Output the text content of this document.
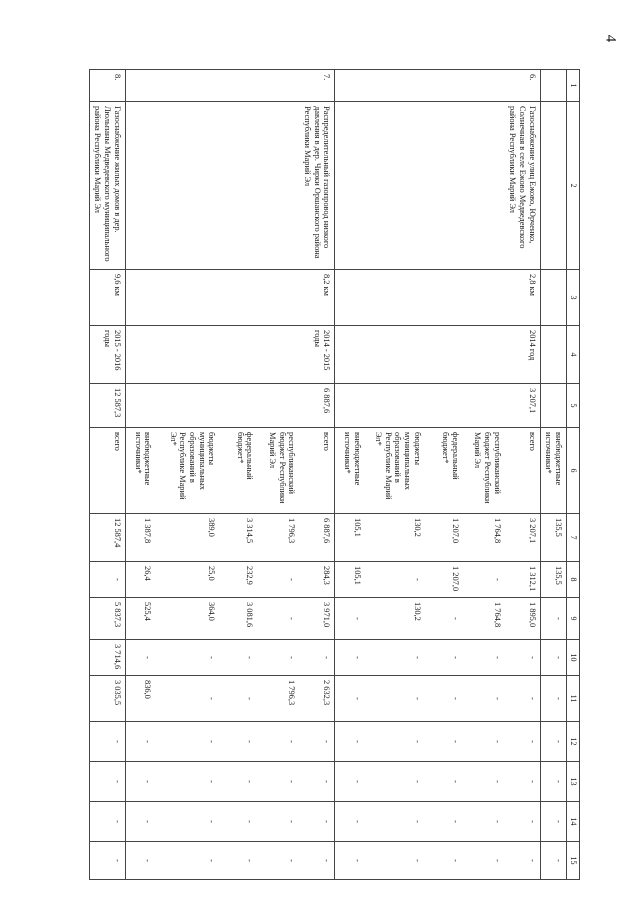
4
1	2	3	4	5	6	7	8	9	10	11	12	13	14	15
					внебюджетные источники*	135,5	135,5	-	-	-	-	-	-	-
6.	Газоснабжение улиц Ежово, Юрченко, Солнечная в селе Ежово Медведевского района Республики Марий Эл	2,8 км	2014 год	3 207,1	всего	3 207,1	1 312,1	1 895,0	-	-	-	-	-	-
					республиканский бюджет Республики Марий Эл	1 764,8	-	1 764,8	-	-	-	-	-	-
					федеральный бюджет*	1 207,0	1 207,0	-	-	-	-	-	-	-
					бюджеты муниципальных образований в Республике Марий Эл*	130,2	-	130,2	-	-	-	-	-	-
					внебюджетные источники*	105,1	105,1	-	-	-	-	-	-	-
7.	Распределительный газопровод низкого давления в дер. Чирки Оршанского района Республики Марий Эл	8,2 км	2014 - 2015 годы	6 887,6	всего	6 887,6	284,3	3 971,0	-	2 632,3	-	-	-	-
					республиканский бюджет Республики Марий Эл	1 796,3	-	-	-	1 796,3	-	-	-	-
					федеральный бюджет*	3 314,5	232,9	3 081,6	-	-	-	-	-	-
					бюджеты муниципальных образований в Республике Марий Эл*	389,0	25,0	364,0	-	-	-	-	-	-
					внебюджетные источники*	1 387,8	26,4	525,4	-	836,0	-	-	-	-
8.	Газоснабжение жилых домов в дер. Люльпаны Медведевского муниципального района Республики Марий Эл	9,6 км	2015 - 2016 годы	12 587,3	всего	12 587,4	-	5 837,3	3 714,6	3 035,5	-	-	-	-
